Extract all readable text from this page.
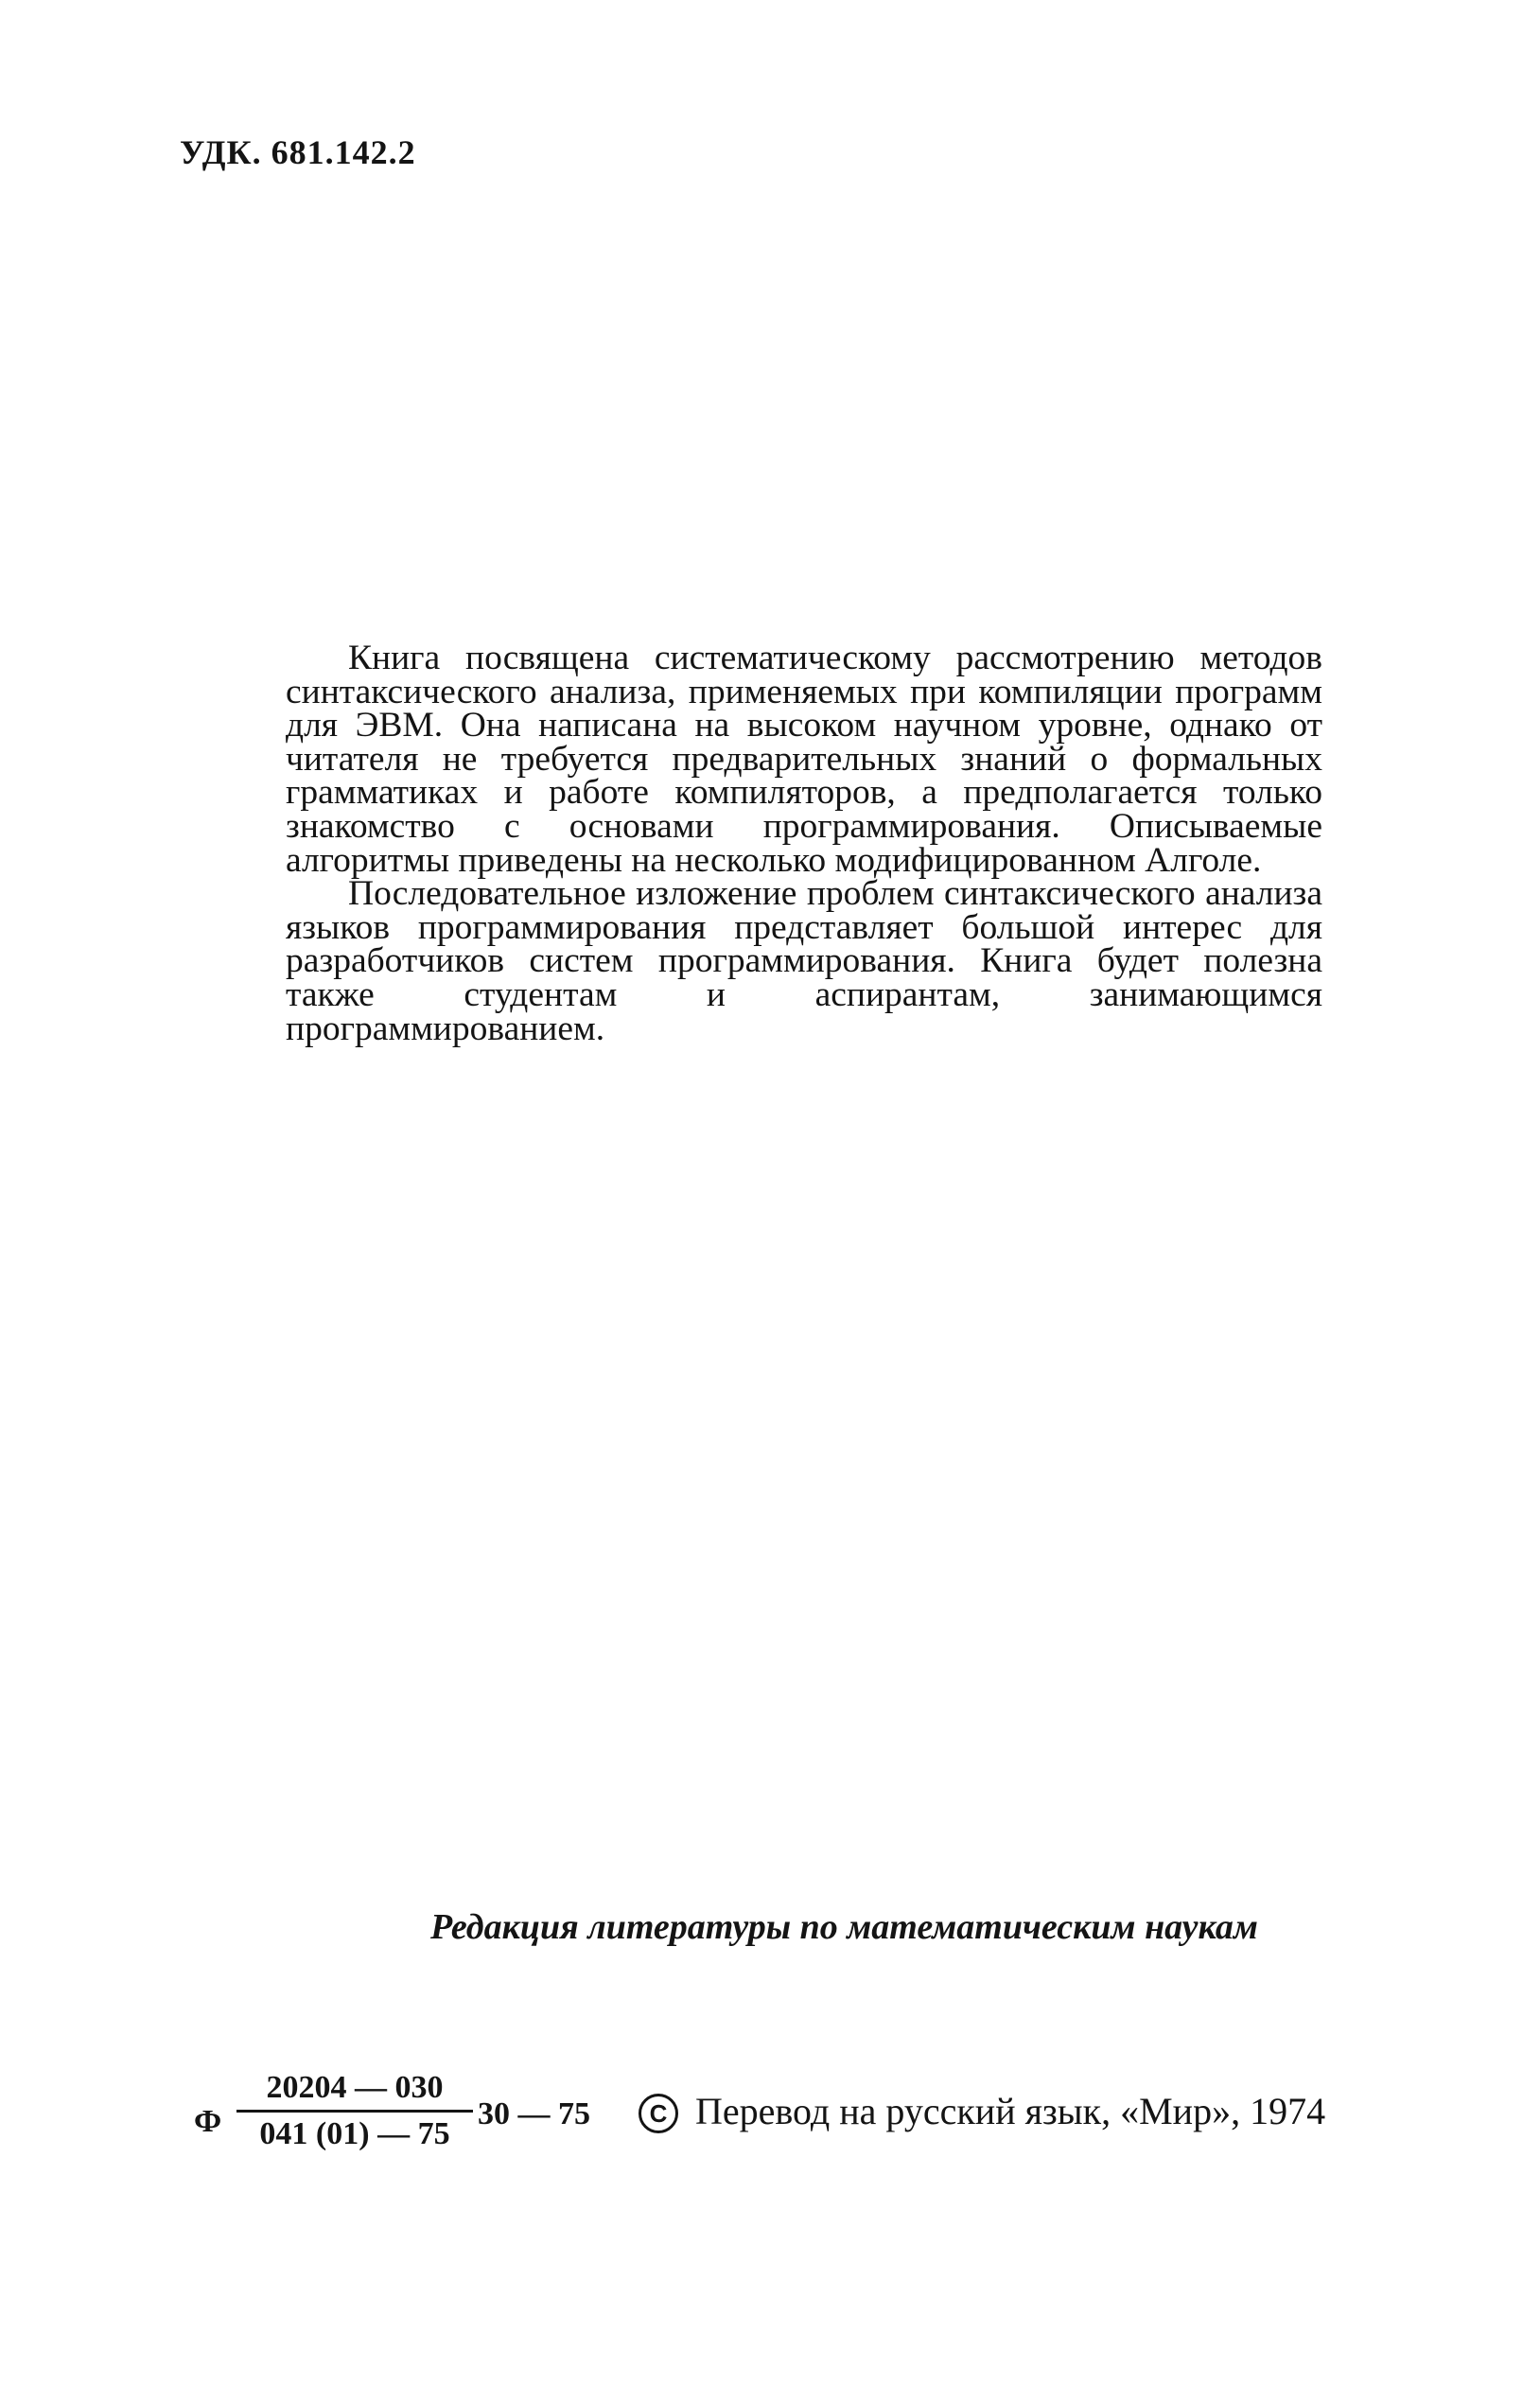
УДК. 681.142.2

Книга посвящена систематическому рассмотрению методов синтаксического анализа, применяемых при компиляции программ для ЭВМ. Она написана на высоком научном уровне, однако от читателя не требуется предварительных знаний о формальных грамматиках и работе компиляторов, а предполагается только знакомство с основами программирования. Описываемые алгоритмы приведены на несколько модифицированном Алголе.

Последовательное изложение проблем синтаксического анализа языков программирования представляет большой интерес для разработчиков систем программирования. Книга будет полезна также студентам и аспирантам, занимающимся программированием.

Редакция литературы по математическим наукам
Ф $\frac{20204 — 030}{041 (01) — 75} 30$ — 75	C Перевод на русский язык, «Мир», 1974
